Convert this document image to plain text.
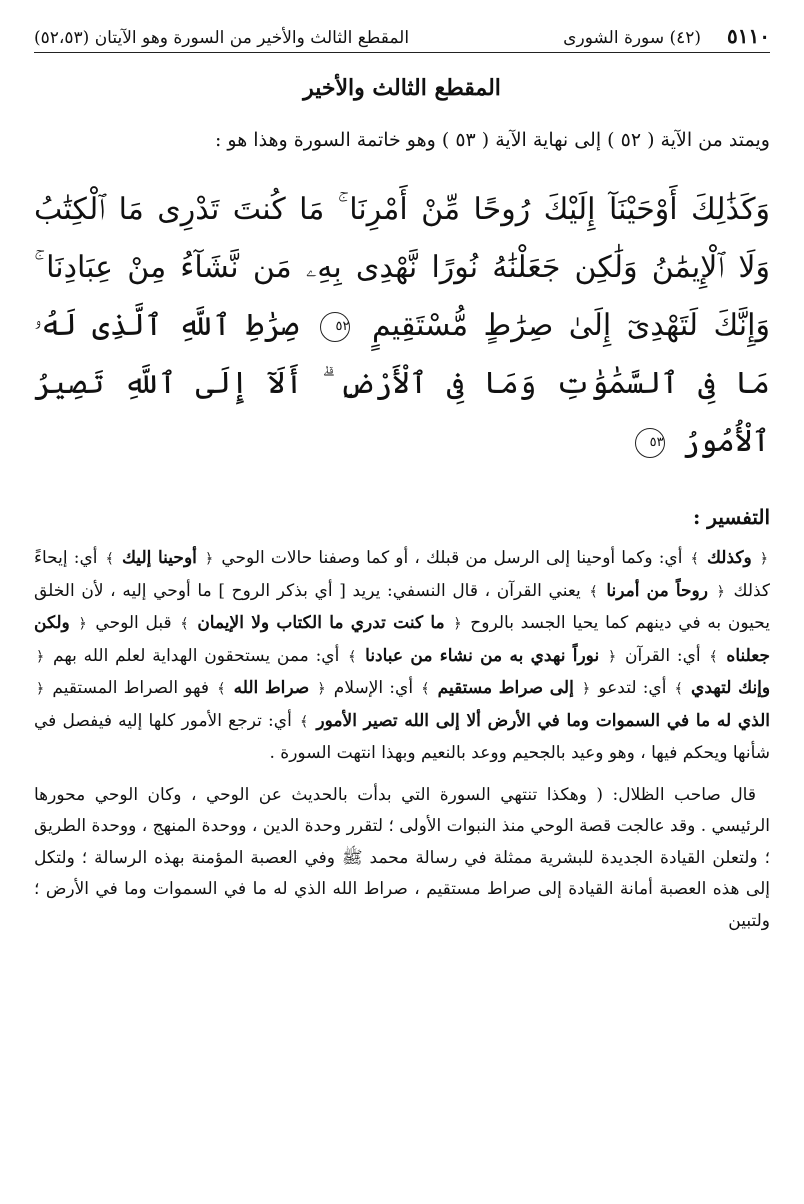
٥١١٠
(٤٢) سورة الشورى
المقطع الثالث والأخير من السورة وهو الآيتان (٥٢،٥٣)
المقطع الثالث والأخير
ويمتد من الآية ( ٥٢ ) إلى نهاية الآية ( ٥٣ ) وهو خاتمة السورة وهذا هو :
وَكَذَٰلِكَ أَوْحَيْنَآ إِلَيْكَ رُوحًا مِّنْ أَمْرِنَا ۚ مَا كُنتَ تَدْرِى مَا ٱلْكِتَٰبُ وَلَا ٱلْإِيمَٰنُ وَلَٰكِن جَعَلْنَٰهُ نُورًا نَّهْدِى بِهِۦ مَن نَّشَآءُ مِنْ عِبَادِنَا ۚ وَإِنَّكَ لَتَهْدِىٓ إِلَىٰ صِرَٰطٍ مُّسْتَقِيمٍ ٥٢ صِرَٰطِ ٱللَّهِ ٱلَّذِى لَهُۥ مَا فِى ٱلسَّمَٰوَٰتِ وَمَا فِى ٱلْأَرْضِ ۗ أَلَآ إِلَى ٱللَّهِ تَصِيرُ ٱلْأُمُورُ ٥٣
التفسير :
﴿ وكذلك ﴾ أي: وكما أوحينا إلى الرسل من قبلك ، أو كما وصفنا حالات الوحي ﴿ أوحينا إليك ﴾ أي: إيحاءً كذلك ﴿ روحاً من أمرنا ﴾ يعني القرآن ، قال النسفي: يريد [ أي بذكر الروح ] ما أوحي إليه ، لأن الخلق يحيون به في دينهم كما يحيا الجسد بالروح ﴿ ما كنت تدري ما الكتاب ولا الإيمان ﴾ قبل الوحي ﴿ ولكن جعلناه ﴾ أي: القرآن ﴿ نوراً نهدي به من نشاء من عبادنا ﴾ أي: ممن يستحقون الهداية لعلم الله بهم ﴿ وإنك لتهدي ﴾ أي: لتدعو ﴿ إلى صراط مستقيم ﴾ أي: الإسلام ﴿ صراط الله ﴾ فهو الصراط المستقيم ﴿ الذي له ما في السموات وما في الأرض ألا إلى الله تصير الأمور ﴾ أي: ترجع الأمور كلها إليه فيفصل في شأنها ويحكم فيها ، وهو وعيد بالجحيم ووعد بالنعيم وبهذا انتهت السورة .
قال صاحب الظلال: ( وهكذا تنتهي السورة التي بدأت بالحديث عن الوحي ، وكان الوحي محورها الرئيسي . وقد عالجت قصة الوحي منذ النبوات الأولى ؛ لتقرر وحدة الدين ، ووحدة المنهج ، ووحدة الطريق ؛ ولتعلن القيادة الجديدة للبشرية ممثلة في رسالة محمد ﷺ وفي العصبة المؤمنة بهذه الرسالة ؛ ولتكل إلى هذه العصبة أمانة القيادة إلى صراط مستقيم ، صراط الله الذي له ما في السموات وما في الأرض ؛ ولتبين
